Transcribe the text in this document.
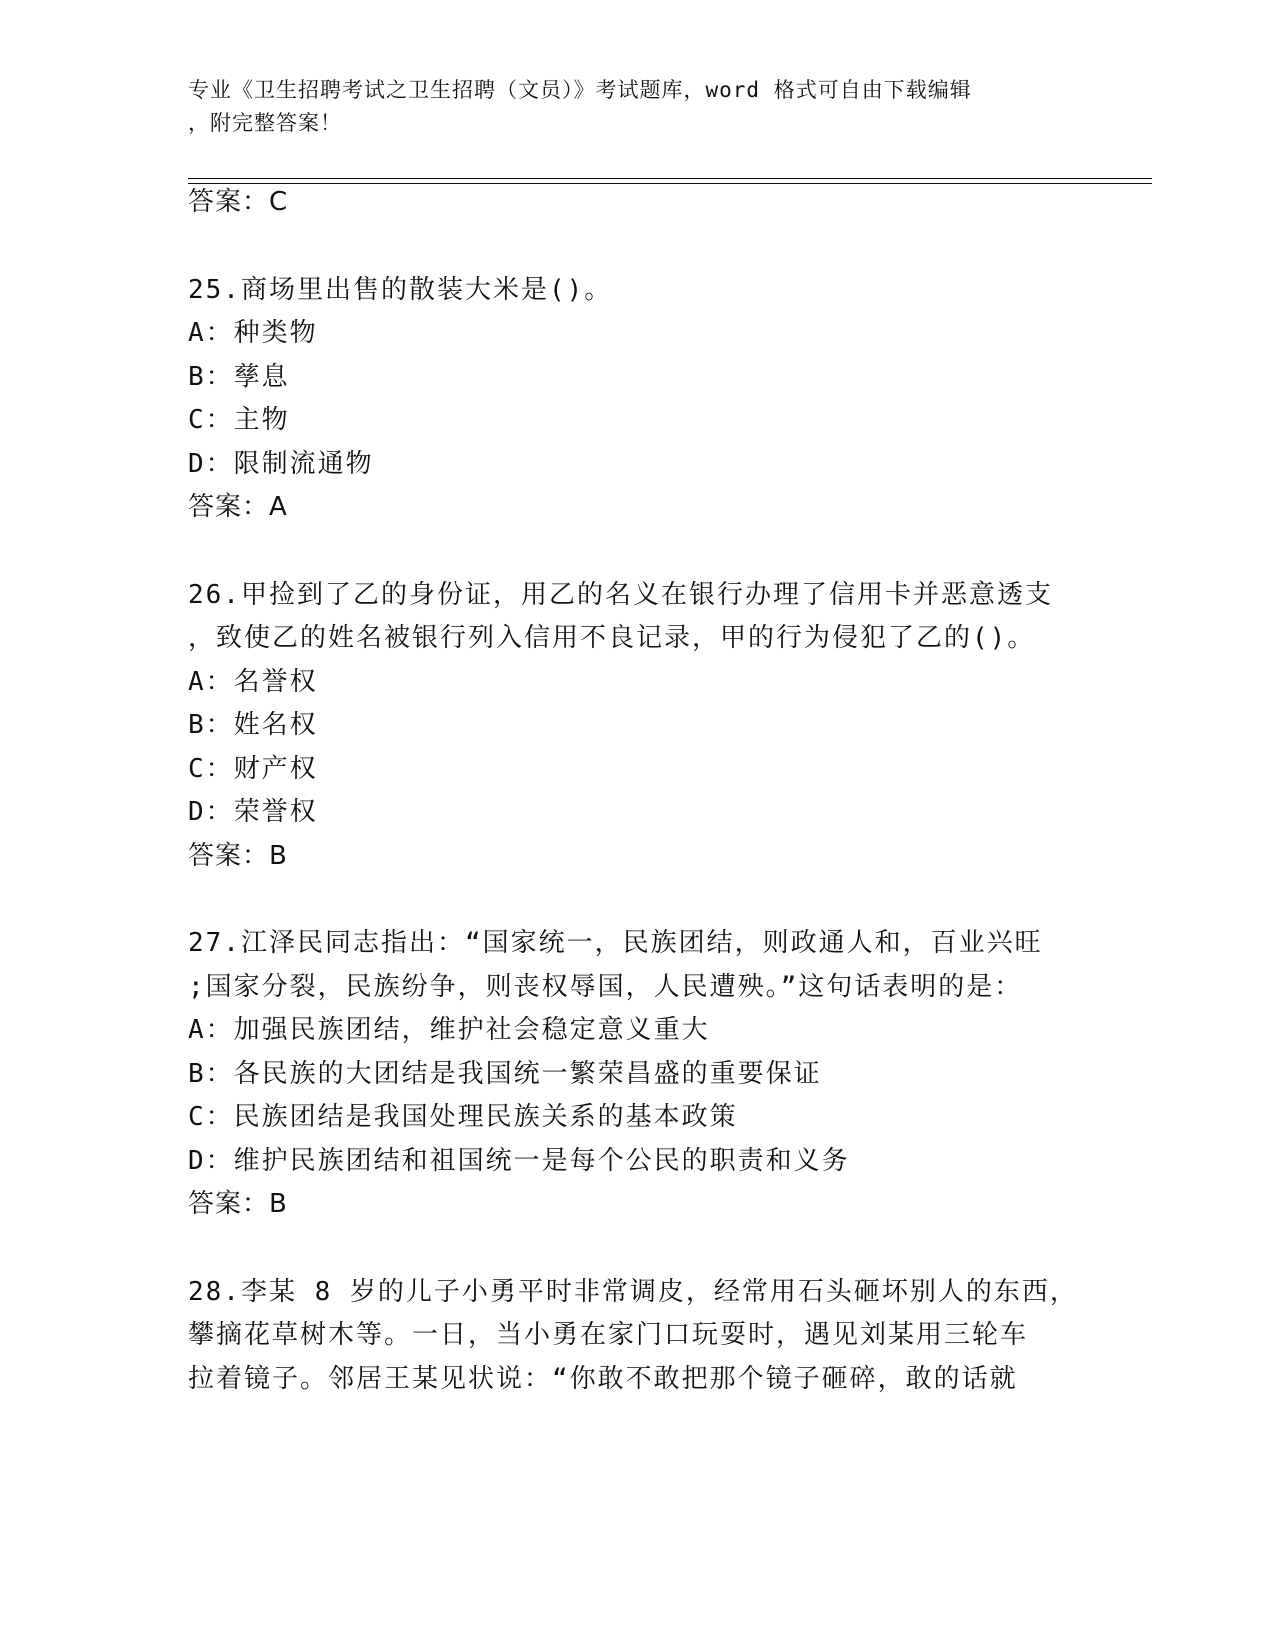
专业《卫生招聘考试之卫生招聘（文员）》考试题库，word 格式可自由下载编辑
，附完整答案！
答案：C
25.商场里出售的散装大米是()。
A：种类物
B：孳息
C：主物
D：限制流通物
答案：A
26.甲捡到了乙的身份证，用乙的名义在银行办理了信用卡并恶意透支
，致使乙的姓名被银行列入信用不良记录，甲的行为侵犯了乙的()。
A：名誉权
B：姓名权
C：财产权
D：荣誉权
答案：B
27.江泽民同志指出：“国家统一，民族团结，则政通人和，百业兴旺
;国家分裂，民族纷争，则丧权辱国，人民遭殃。”这句话表明的是：
A：加强民族团结，维护社会稳定意义重大
B：各民族的大团结是我国统一繁荣昌盛的重要保证
C：民族团结是我国处理民族关系的基本政策
D：维护民族团结和祖国统一是每个公民的职责和义务
答案：B
28.李某 8 岁的儿子小勇平时非常调皮，经常用石头砸坏别人的东西，
攀摘花草树木等。一日，当小勇在家门口玩耍时，遇见刘某用三轮车
拉着镜子。邻居王某见状说：“你敢不敢把那个镜子砸碎，敢的话就
